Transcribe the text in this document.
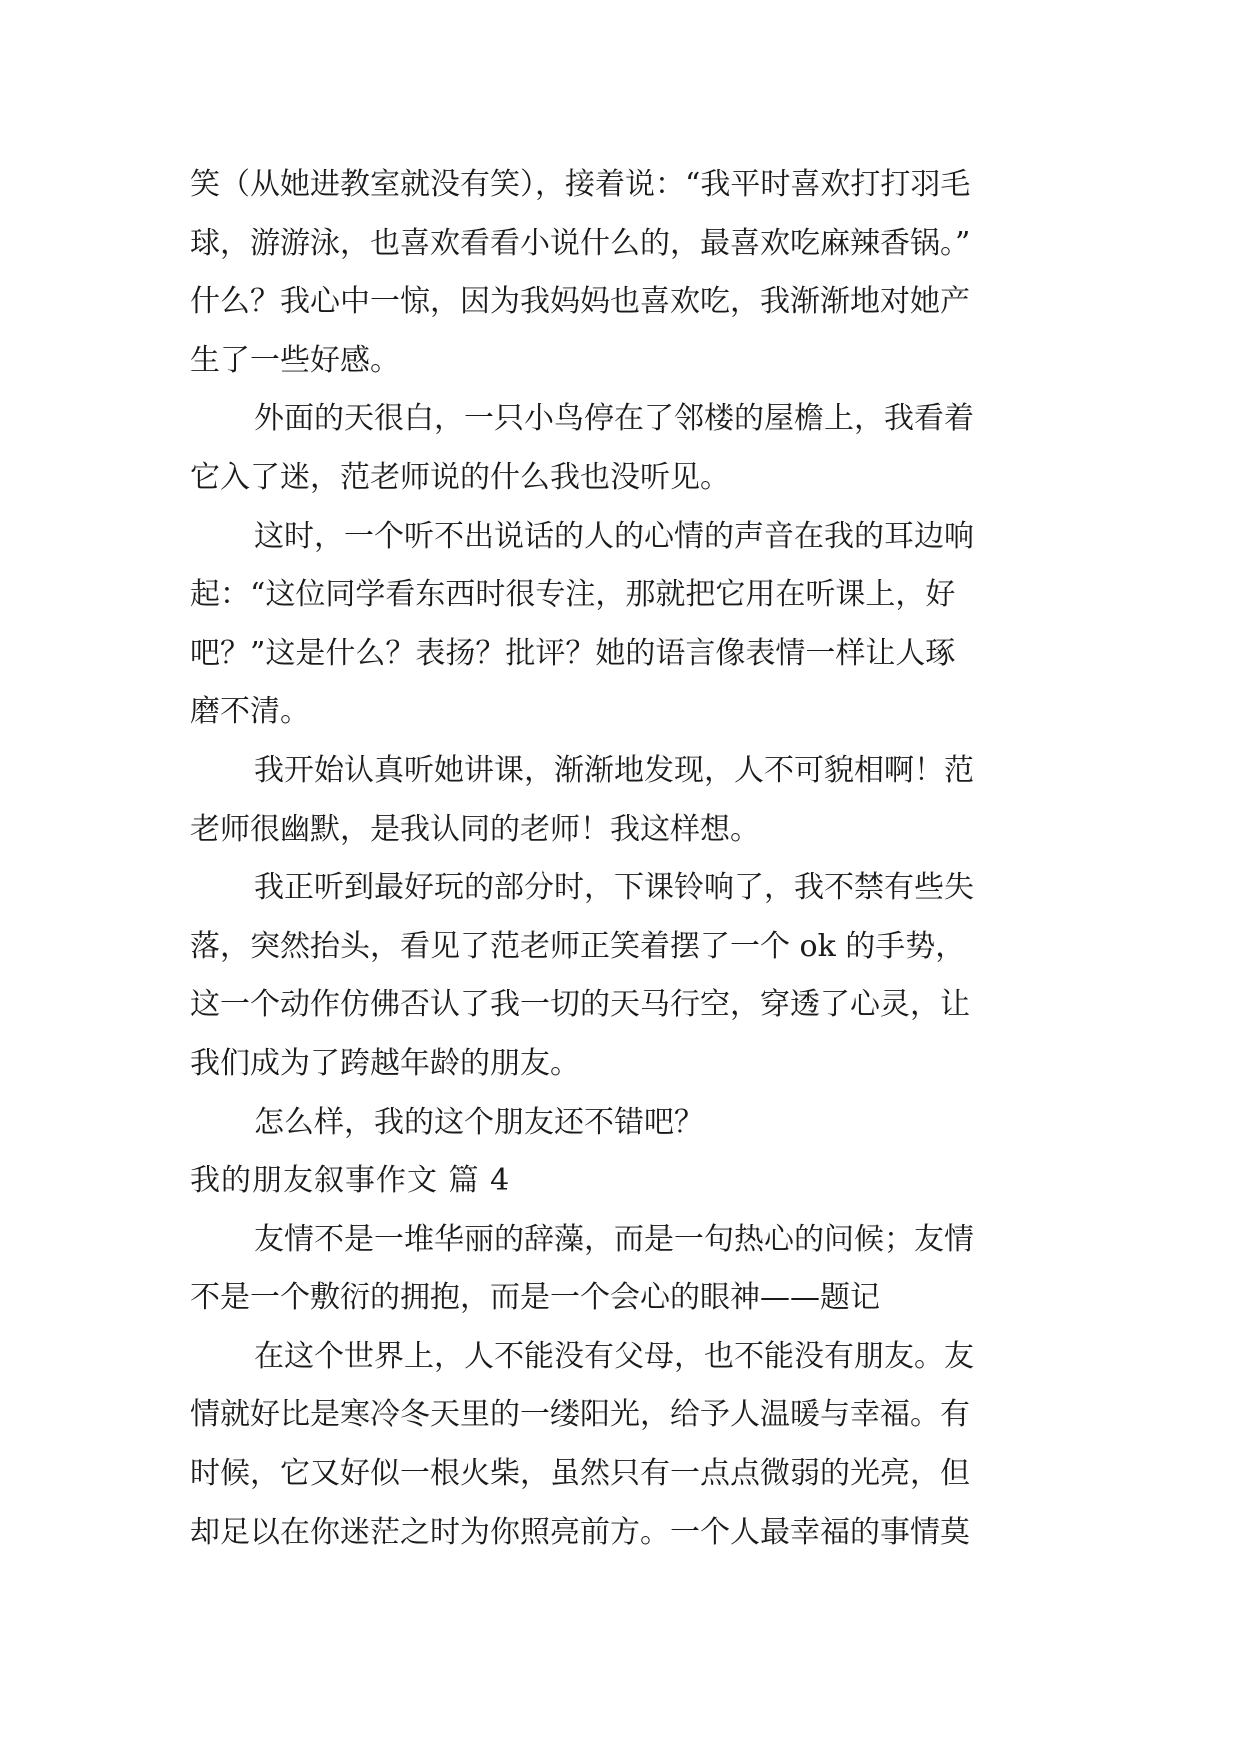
笑（从她进教室就没有笑），接着说：“我平时喜欢打打羽毛
球，游游泳，也喜欢看看小说什么的，最喜欢吃麻辣香锅。”
什么？我心中一惊，因为我妈妈也喜欢吃，我渐渐地对她产
生了一些好感。
外面的天很白，一只小鸟停在了邻楼的屋檐上，我看着
它入了迷，范老师说的什么我也没听见。
这时，一个听不出说话的人的心情的声音在我的耳边响
起：“这位同学看东西时很专注，那就把它用在听课上，好
吧？”这是什么？表扬？批评？她的语言像表情一样让人琢
磨不清。
我开始认真听她讲课，渐渐地发现，人不可貌相啊！范
老师很幽默，是我认同的老师！我这样想。
我正听到最好玩的部分时，下课铃响了，我不禁有些失
落，突然抬头，看见了范老师正笑着摆了一个 ok 的手势，
这一个动作仿佛否认了我一切的天马行空，穿透了心灵，让
我们成为了跨越年龄的朋友。
怎么样，我的这个朋友还不错吧？
我的朋友叙事作文 篇 4
友情不是一堆华丽的辞藻，而是一句热心的问候；友情
不是一个敷衍的拥抱，而是一个会心的眼神——题记
在这个世界上，人不能没有父母，也不能没有朋友。友
情就好比是寒冷冬天里的一缕阳光，给予人温暖与幸福。有
时候，它又好似一根火柴，虽然只有一点点微弱的光亮，但
却足以在你迷茫之时为你照亮前方。一个人最幸福的事情莫
